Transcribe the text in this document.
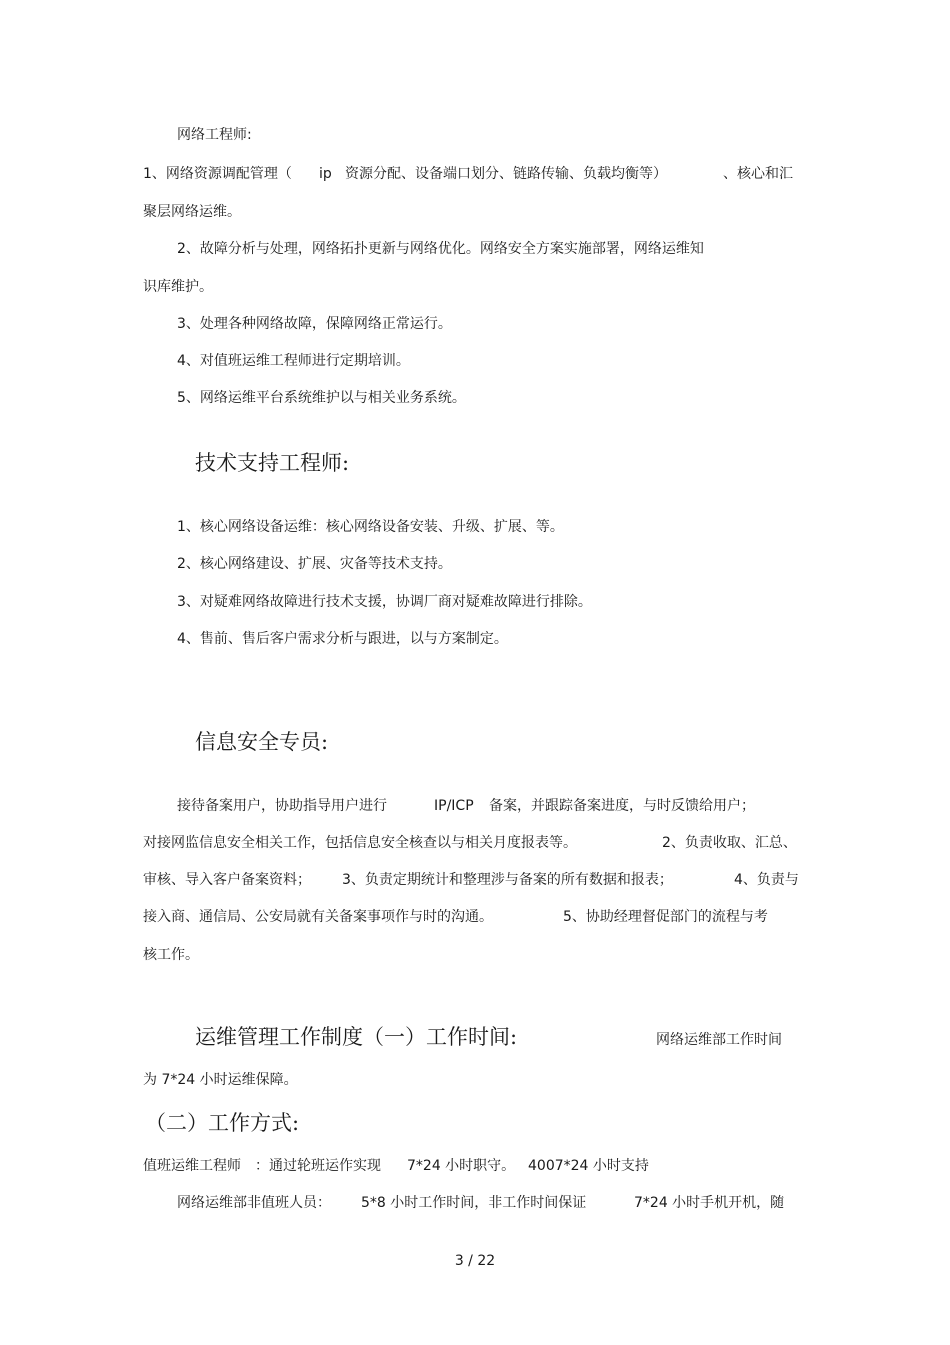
网络工程师:
1、网络资源调配管理（ ip 资源分配、设备端口划分、链路传输、负载均衡等）	、核心和汇
聚层网络运维。
2、故障分析与处理，网络拓扑更新与网络优化。网络安全方案实施部署，网络运维知
识库维护。
3、处理各种网络故障，保障网络正常运行。
4、对值班运维工程师进行定期培训。
5、网络运维平台系统维护以与相关业务系统。
技术支持工程师:
1、核心网络设备运维：核心网络设备安装、升级、扩展、等。
2、核心网络建设、扩展、灾备等技术支持。
3、对疑难网络故障进行技术支援，协调厂商对疑难故障进行排除。
4、售前、售后客户需求分析与跟进，以与方案制定。
信息安全专员:
接待备案用户，协助指导用户进行	IP/ICP 备案，并跟踪备案进度，与时反馈给用户；
对接网监信息安全相关工作，包括信息安全核查以与相关月度报表等。	2、负责收取、汇总、
审核、导入客户备案资料； 3、负责定期统计和整理涉与备案的所有数据和报表；	4、负责与
接入商、通信局、公安局就有关备案事项作与时的沟通。	5、协助经理督促部门的流程与考
核工作。
运维管理工作制度（一）工作时间:	网络运维部工作时间
为 7*24 小时运维保障。
（二）工作方式:
值班运维工程师 ：通过轮班运作实现 7*24 小时职守。 4007*24 小时支持
网络运维部非值班人员： 5*8 小时工作时间，非工作时间保证	7*24 小时手机开机，随
3 / 22
